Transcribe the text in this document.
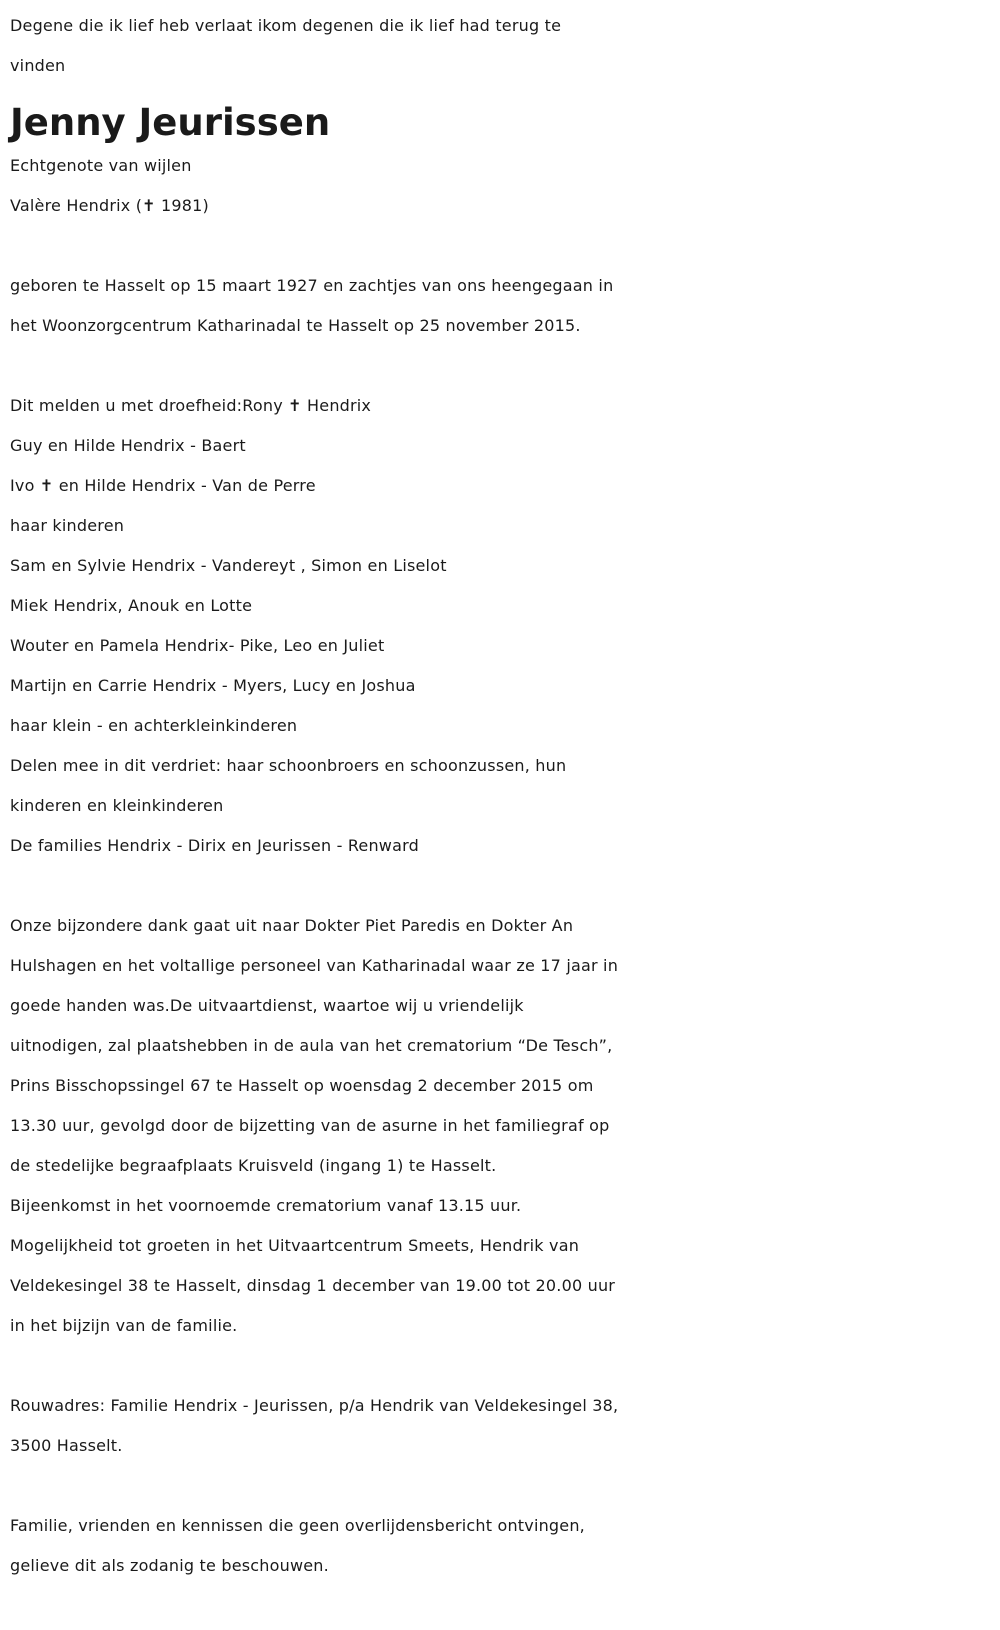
Degene die ik lief heb verlaat ikom degenen die ik lief had terug te
vinden
Jenny Jeurissen
Echtgenote van wijlen
Valère Hendrix (✝ 1981)
geboren te Hasselt op 15 maart 1927 en zachtjes van ons heengegaan in
het Woonzorgcentrum Katharinadal te Hasselt op 25 november 2015.
Dit melden u met droefheid:Rony ✝ Hendrix
Guy en Hilde Hendrix - Baert
Ivo ✝ en Hilde Hendrix - Van de Perre
haar kinderen
Sam en Sylvie Hendrix - Vandereyt , Simon en Liselot
Miek Hendrix, Anouk en Lotte
Wouter en Pamela Hendrix- Pike, Leo en Juliet
Martijn en Carrie Hendrix - Myers, Lucy en Joshua
haar klein - en achterkleinkinderen
Delen mee in dit verdriet: haar schoonbroers en schoonzussen, hun
kinderen en kleinkinderen
De families Hendrix - Dirix en Jeurissen - Renward
Onze bijzondere dank gaat uit naar Dokter Piet Paredis en Dokter An
Hulshagen en het voltallige personeel van Katharinadal waar ze 17 jaar in
goede handen was.De uitvaartdienst, waartoe wij u vriendelijk
uitnodigen, zal plaatshebben in de aula van het crematorium “De Tesch”,
Prins Bisschopssingel 67 te Hasselt op woensdag 2 december 2015 om
13.30 uur, gevolgd door de bijzetting van de asurne in het familiegraf op
de stedelijke begraafplaats Kruisveld (ingang 1) te Hasselt.
Bijeenkomst in het voornoemde crematorium vanaf 13.15 uur.
Mogelijkheid tot groeten in het Uitvaartcentrum Smeets, Hendrik van
Veldekesingel 38 te Hasselt, dinsdag 1 december van 19.00 tot 20.00 uur
in het bijzijn van de familie.
Rouwadres: Familie Hendrix - Jeurissen, p/a Hendrik van Veldekesingel 38,
3500 Hasselt.
Familie, vrienden en kennissen die geen overlijdensbericht ontvingen,
gelieve dit als zodanig te beschouwen.
